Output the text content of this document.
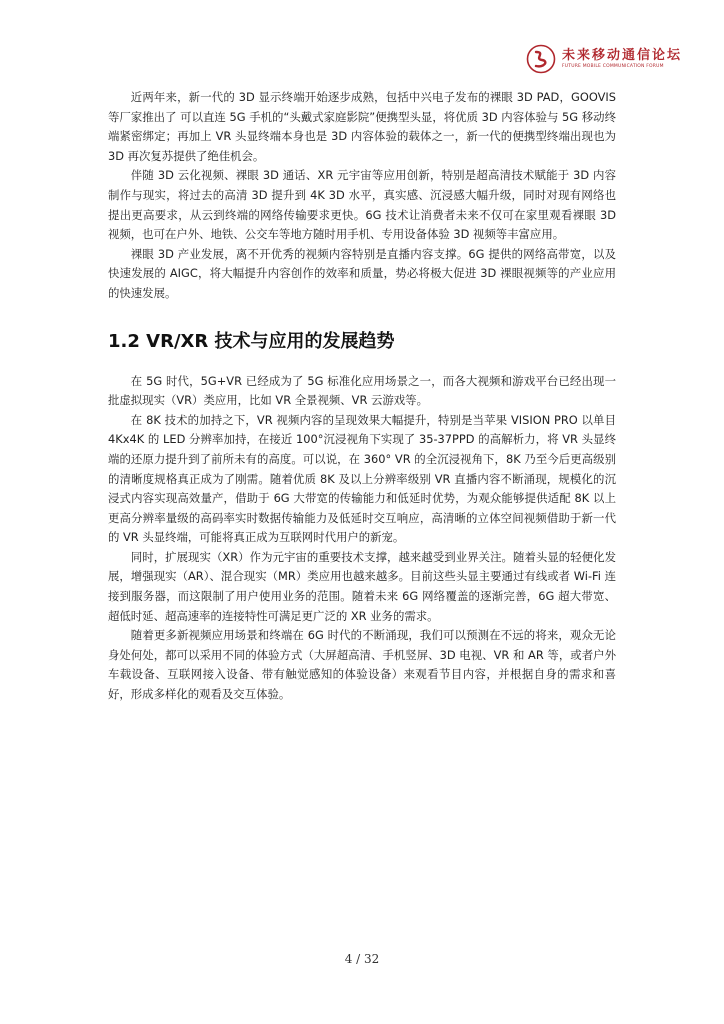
未来移动通信论坛
FUTURE MOBILE COMMUNICATION FORUM

近两年来，新一代的 3D 显示终端开始逐步成熟，包括中兴电子发布的裸眼 3D PAD，GOOVIS 等厂家推出了 可以直连 5G 手机的“头戴式家庭影院”便携型头显，将优质 3D 内容体验与 5G 移动终端紧密绑定；再加上 VR 头显终端本身也是 3D 内容体验的载体之一，新一代的便携型终端出现也为 3D 再次复苏提供了绝佳机会。

伴随 3D 云化视频、裸眼 3D 通话、XR 元宇宙等应用创新，特别是超高清技术赋能于 3D 内容制作与现实，将过去的高清 3D 提升到 4K 3D 水平，真实感、沉浸感大幅升级，同时对现有网络也提出更高要求，从云到终端的网络传输要求更快。6G 技术让消费者未来不仅可在家里观看裸眼 3D 视频，也可在户外、地铁、公交车等地方随时用手机、专用设备体验 3D 视频等丰富应用。

裸眼 3D 产业发展，离不开优秀的视频内容特别是直播内容支撑。6G 提供的网络高带宽，以及快速发展的 AIGC，将大幅提升内容创作的效率和质量，势必将极大促进 3D 裸眼视频等的产业应用的快速发展。

1.2 VR/XR 技术与应用的发展趋势

在 5G 时代，5G+VR 已经成为了 5G 标准化应用场景之一，而各大视频和游戏平台已经出现一批虚拟现实（VR）类应用，比如 VR 全景视频、VR 云游戏等。

在 8K 技术的加持之下，VR 视频内容的呈现效果大幅提升，特别是当苹果 VISION PRO 以单目 4Kx4K 的 LED 分辨率加持，在接近 100°沉浸视角下实现了 35-37PPD 的高解析力，将 VR 头显终端的还原力提升到了前所未有的高度。可以说，在 360° VR 的全沉浸视角下，8K 乃至今后更高级别的清晰度规格真正成为了刚需。随着优质 8K 及以上分辨率级别 VR 直播内容不断涌现，规模化的沉浸式内容实现高效量产，借助于 6G 大带宽的传输能力和低延时优势，为观众能够提供适配 8K 以上更高分辨率量级的高码率实时数据传输能力及低延时交互响应，高清晰的立体空间视频借助于新一代的 VR 头显终端，可能将真正成为互联网时代用户的新宠。

同时，扩展现实（XR）作为元宇宙的重要技术支撑，越来越受到业界关注。随着头显的轻便化发展，增强现实（AR）、混合现实（MR）类应用也越来越多。目前这些头显主要通过有线或者 Wi-Fi 连接到服务器，而这限制了用户使用业务的范围。随着未来 6G 网络覆盖的逐渐完善，6G 超大带宽、超低时延、超高速率的连接特性可满足更广泛的 XR 业务的需求。

随着更多新视频应用场景和终端在 6G 时代的不断涌现，我们可以预测在不远的将来，观众无论身处何处，都可以采用不同的体验方式（大屏超高清、手机竖屏、3D 电视、VR 和 AR 等，或者户外车载设备、互联网接入设备、带有触觉感知的体验设备）来观看节目内容，并根据自身的需求和喜好，形成多样化的观看及交互体验。

4 / 32
